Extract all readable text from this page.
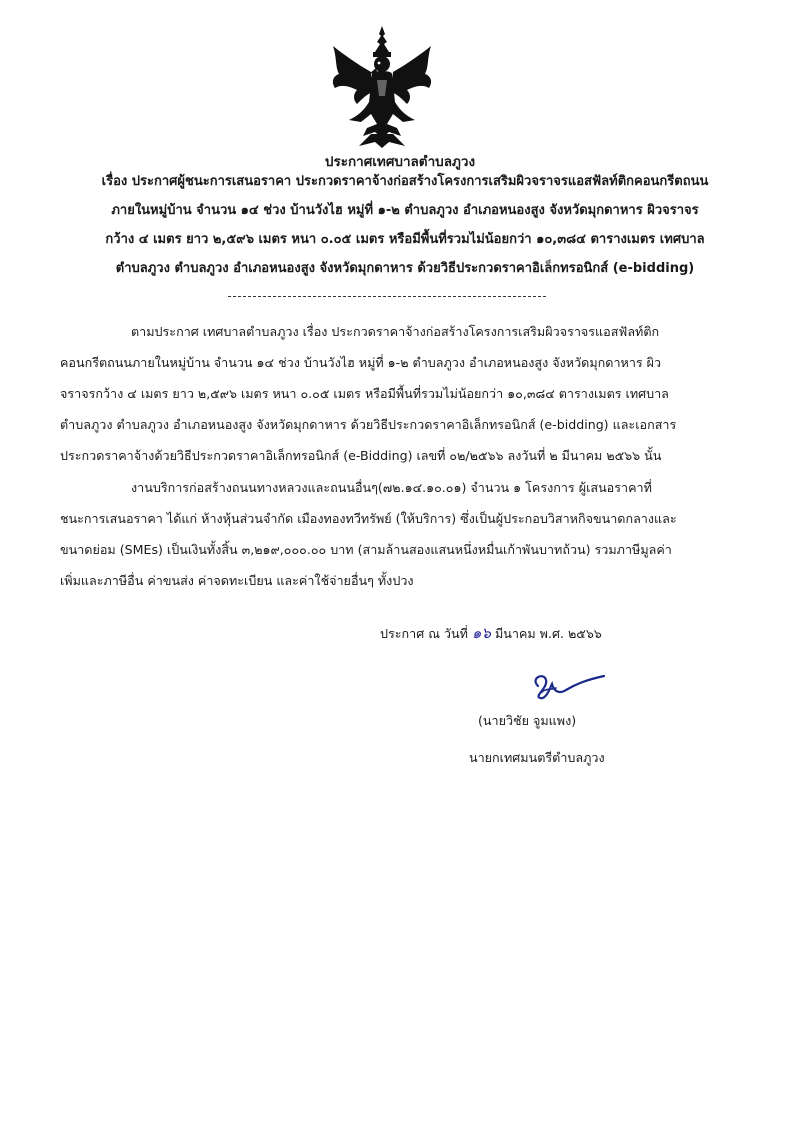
ประกาศเทศบาลตำบลภูวง
เรื่อง ประกาศผู้ชนะการเสนอราคา ประกวดราคาจ้างก่อสร้างโครงการเสริมผิวจราจรแอสฟัลท์ติกคอนกรีตถนน
ภายในหมู่บ้าน จำนวน ๑๔ ช่วง บ้านวังไฮ หมู่ที่ ๑-๒ ตำบลภูวง อำเภอหนองสูง จังหวัดมุกดาหาร ผิวจราจร
กว้าง ๔ เมตร ยาว ๒,๕๙๖ เมตร หนา ๐.๐๕ เมตร หรือมีพื้นที่รวมไม่น้อยกว่า ๑๐,๓๘๔ ตารางเมตร เทศบาล
ตำบลภูวง ตำบลภูวง อำเภอหนองสูง จังหวัดมุกดาหาร ด้วยวิธีประกวดราคาอิเล็กทรอนิกส์ (e-bidding)
ตามประกาศ เทศบาลตำบลภูวง เรื่อง ประกวดราคาจ้างก่อสร้างโครงการเสริมผิวจราจรแอสฟัลท์ติก
คอนกรีตถนนภายในหมู่บ้าน จำนวน ๑๔ ช่วง บ้านวังไฮ หมู่ที่ ๑-๒ ตำบลภูวง อำเภอหนองสูง จังหวัดมุกดาหาร ผิว
จราจรกว้าง ๔ เมตร ยาว ๒,๕๙๖ เมตร หนา ๐.๐๕ เมตร หรือมีพื้นที่รวมไม่น้อยกว่า ๑๐,๓๘๔ ตารางเมตร เทศบาล
ตำบลภูวง ตำบลภูวง อำเภอหนองสูง จังหวัดมุกดาหาร ด้วยวิธีประกวดราคาอิเล็กทรอนิกส์ (e-bidding) และเอกสาร
ประกวดราคาจ้างด้วยวิธีประกวดราคาอิเล็กทรอนิกส์ (e-Bidding) เลขที่ ๐๒/๒๕๖๖ ลงวันที่ ๒ มีนาคม ๒๕๖๖ นั้น
งานบริการก่อสร้างถนนทางหลวงและถนนอื่นๆ(๗๒.๑๔.๑๐.๐๑) จำนวน ๑ โครงการ ผู้เสนอราคาที่
ชนะการเสนอราคา ได้แก่ ห้างหุ้นส่วนจำกัด เมืองทองทวีทรัพย์ (ให้บริการ) ซึ่งเป็นผู้ประกอบวิสาหกิจขนาดกลางและ
ขนาดย่อม (SMEs) เป็นเงินทั้งสิ้น ๓,๒๑๙,๐๐๐.๐๐ บาท (สามล้านสองแสนหนึ่งหมื่นเก้าพันบาทถ้วน) รวมภาษีมูลค่า
เพิ่มและภาษีอื่น ค่าขนส่ง ค่าจดทะเบียน และค่าใช้จ่ายอื่นๆ ทั้งปวง
ประกาศ ณ วันที่ ๑๖ มีนาคม พ.ศ. ๒๕๖๖
(นายวิชัย จูมแพง)
นายกเทศมนตรีตำบลภูวง
